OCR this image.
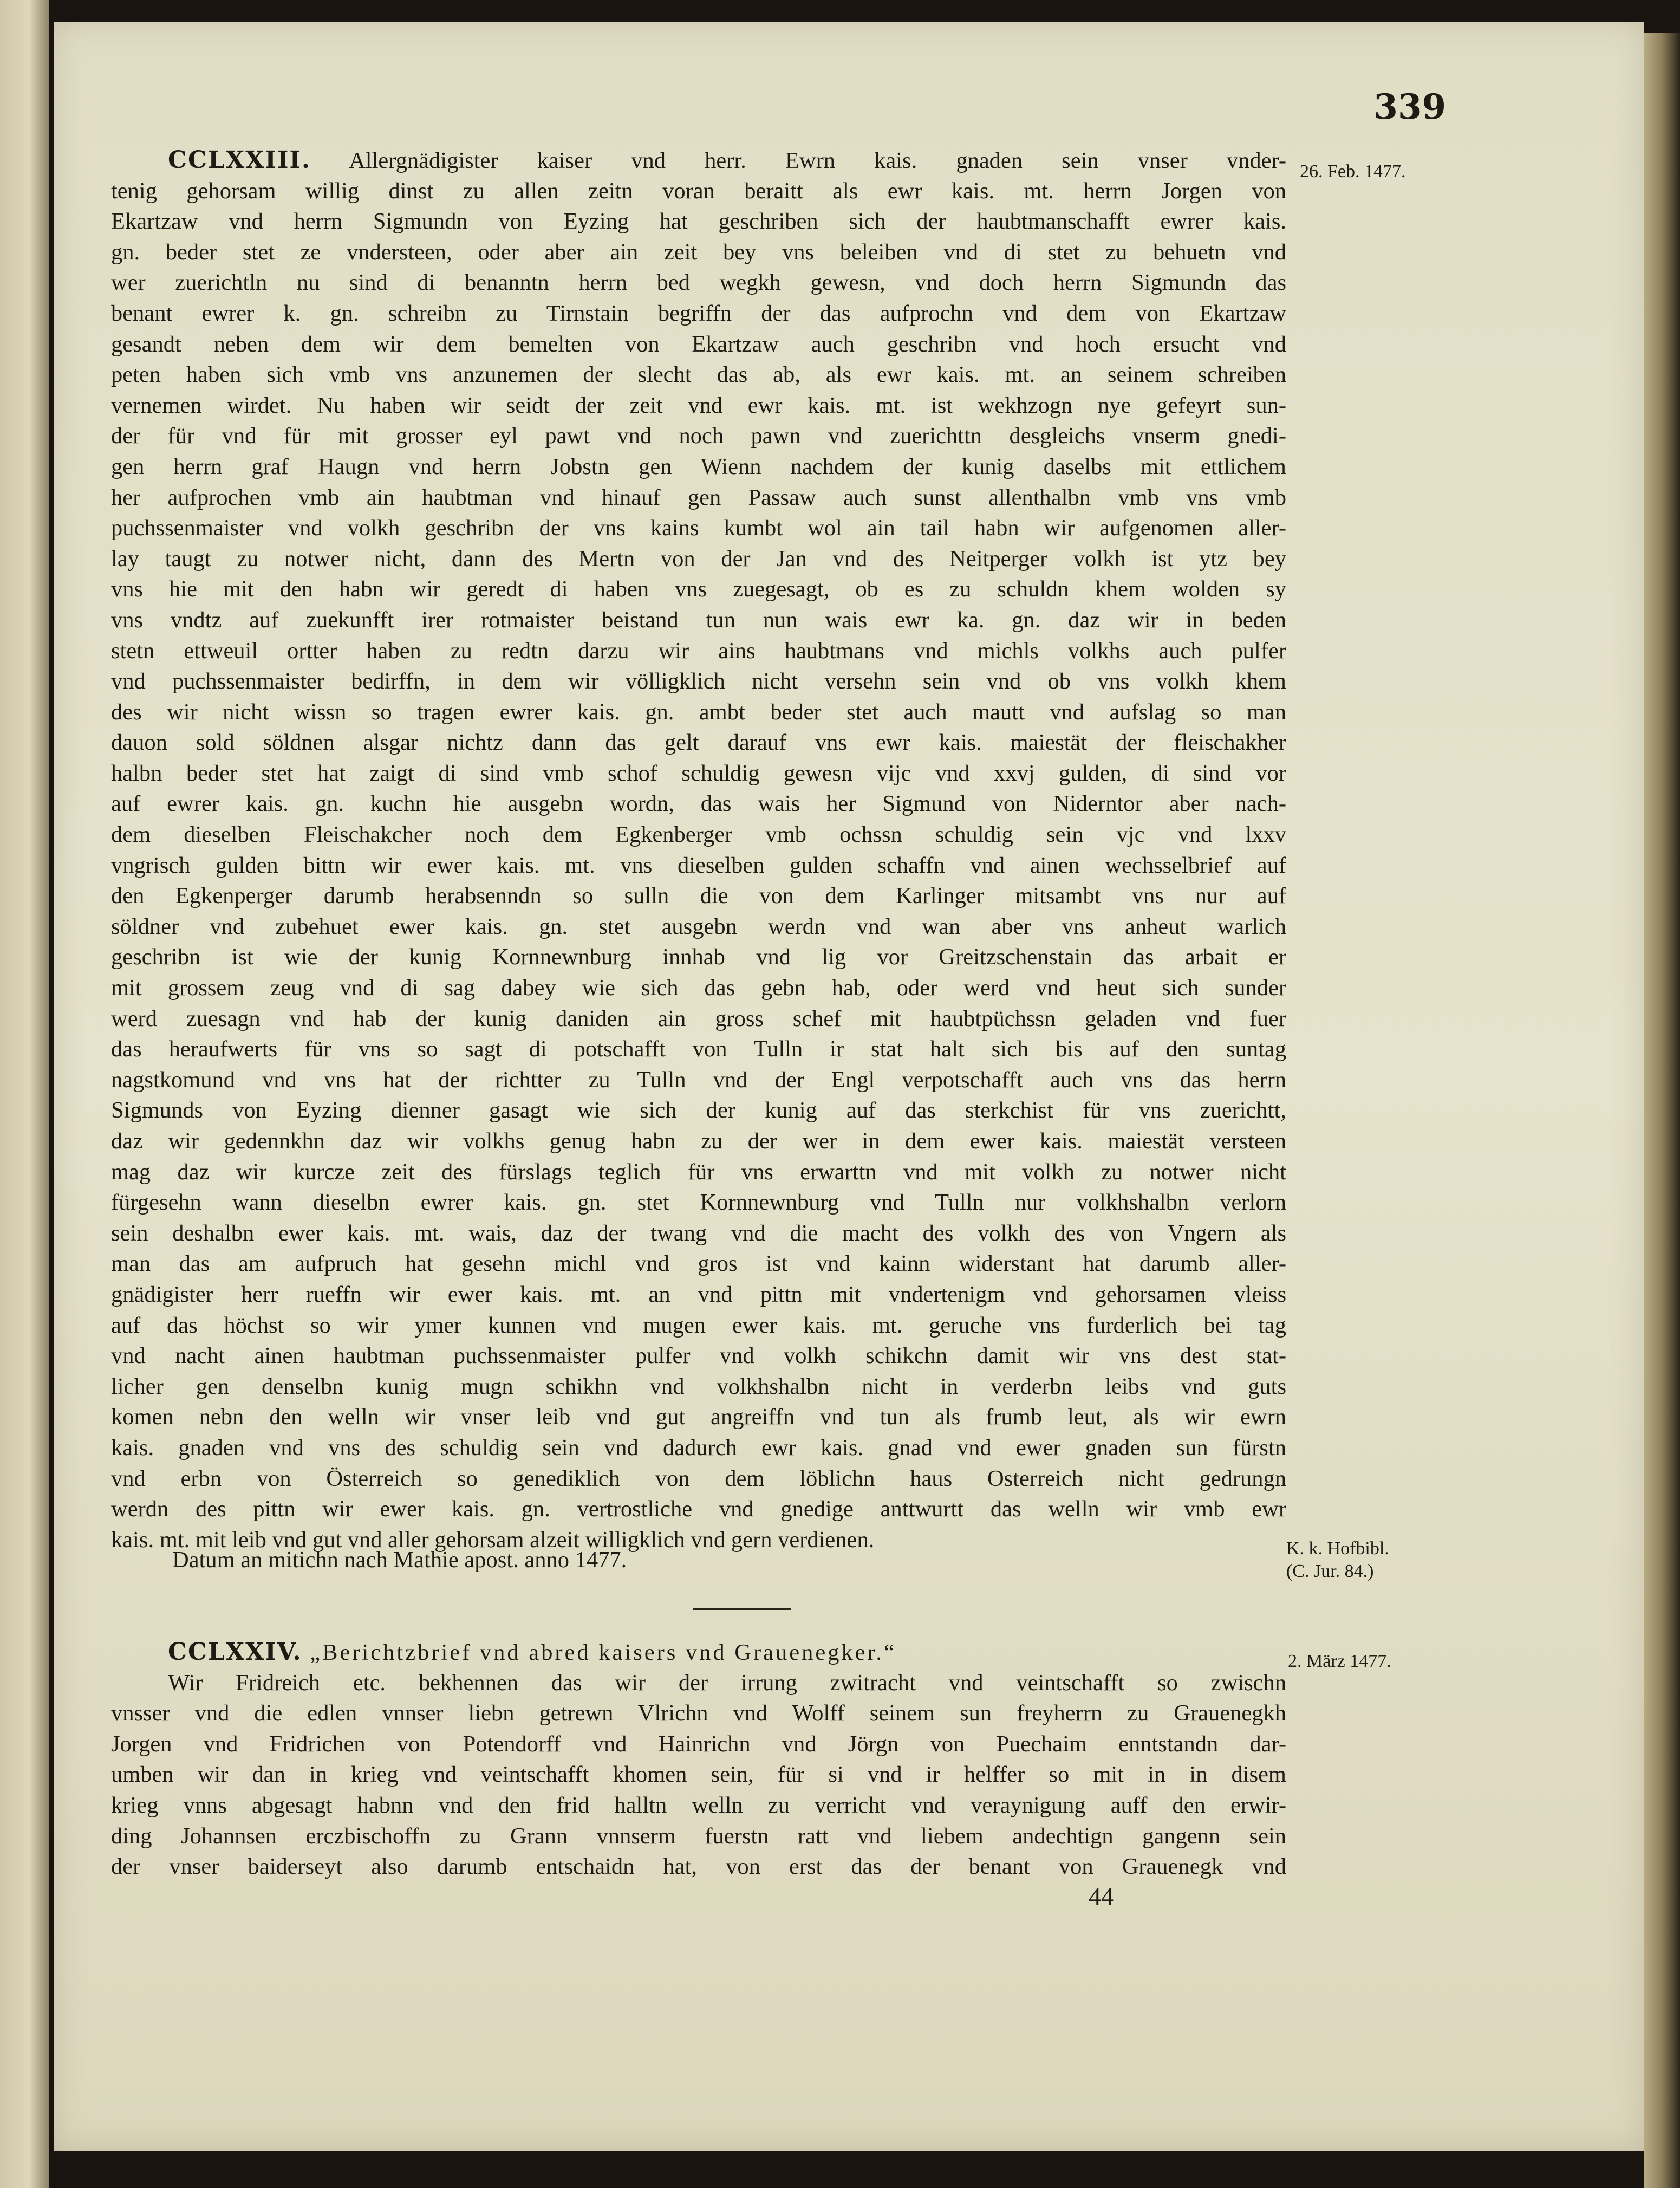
339
CCLXXIII. Allergnädigister kaiser vnd herr. Ewrn kais. gnaden sein vnser vnder-
tenig gehorsam willig dinst zu allen zeitn voran beraitt als ewr kais. mt. herrn Jorgen von
Ekartzaw vnd herrn Sigmundn von Eyzing hat geschriben sich der haubtmanschafft ewrer kais.
gn. beder stet ze vndersteen, oder aber ain zeit bey vns beleiben vnd di stet zu behuetn vnd
wer zuerichtln nu sind di benanntn herrn bed wegkh gewesn, vnd doch herrn Sigmundn das
benant ewrer k. gn. schreibn zu Tirnstain begriffn der das aufprochn vnd dem von Ekartzaw
gesandt neben dem wir dem bemelten von Ekartzaw auch geschribn vnd hoch ersucht vnd
peten haben sich vmb vns anzunemen der slecht das ab, als ewr kais. mt. an seinem schreiben
vernemen wirdet. Nu haben wir seidt der zeit vnd ewr kais. mt. ist wekhzogn nye gefeyrt sun-
der für vnd für mit grosser eyl pawt vnd noch pawn vnd zuerichttn desgleichs vnserm gnedi-
gen herrn graf Haugn vnd herrn Jobstn gen Wienn nachdem der kunig daselbs mit ettlichem
her aufprochen vmb ain haubtman vnd hinauf gen Passaw auch sunst allenthalbn vmb vns vmb
puchssenmaister vnd volkh geschribn der vns kains kumbt wol ain tail habn wir aufgenomen aller-
lay taugt zu notwer nicht, dann des Mertn von der Jan vnd des Neitperger volkh ist ytz bey
vns hie mit den habn wir geredt di haben vns zuegesagt, ob es zu schuldn khem wolden sy
vns vndtz auf zuekunfft irer rotmaister beistand tun nun wais ewr ka. gn. daz wir in beden
stetn ettweuil ortter haben zu redtn darzu wir ains haubtmans vnd michls volkhs auch pulfer
vnd puchssenmaister bedirffn, in dem wir völligklich nicht versehn sein vnd ob vns volkh khem
des wir nicht wissn so tragen ewrer kais. gn. ambt beder stet auch mautt vnd aufslag so man
dauon sold söldnen alsgar nichtz dann das gelt darauf vns ewr kais. maiestät der fleischakher
halbn beder stet hat zaigt di sind vmb schof schuldig gewesn vijc vnd xxvj gulden, di sind vor
auf ewrer kais. gn. kuchn hie ausgebn wordn, das wais her Sigmund von Niderntor aber nach-
dem dieselben Fleischakcher noch dem Egkenberger vmb ochssn schuldig sein vjc vnd lxxv
vngrisch gulden bittn wir ewer kais. mt. vns dieselben gulden schaffn vnd ainen wechsselbrief auf
den Egkenperger darumb herabsenndn so sulln die von dem Karlinger mitsambt vns nur auf
söldner vnd zubehuet ewer kais. gn. stet ausgebn werdn vnd wan aber vns anheut warlich
geschribn ist wie der kunig Kornnewnburg innhab vnd lig vor Greitzschenstain das arbait er
mit grossem zeug vnd di sag dabey wie sich das gebn hab, oder werd vnd heut sich sunder
werd zuesagn vnd hab der kunig daniden ain gross schef mit haubtpüchssn geladen vnd fuer
das heraufwerts für vns so sagt di potschafft von Tulln ir stat halt sich bis auf den suntag
nagstkomund vnd vns hat der richtter zu Tulln vnd der Engl verpotschafft auch vns das herrn
Sigmunds von Eyzing dienner gasagt wie sich der kunig auf das sterkchist für vns zuerichtt,
daz wir gedennkhn daz wir volkhs genug habn zu der wer in dem ewer kais. maiestät versteen
mag daz wir kurcze zeit des fürslags teglich für vns erwarttn vnd mit volkh zu notwer nicht
fürgesehn wann dieselbn ewrer kais. gn. stet Kornnewnburg vnd Tulln nur volkhshalbn verlorn
sein deshalbn ewer kais. mt. wais, daz der twang vnd die macht des volkh des von Vngern als
man das am aufpruch hat gesehn michl vnd gros ist vnd kainn widerstant hat darumb aller-
gnädigister herr rueffn wir ewer kais. mt. an vnd pittn mit vndertenigm vnd gehorsamen vleiss
auf das höchst so wir ymer kunnen vnd mugen ewer kais. mt. geruche vns furderlich bei tag
vnd nacht ainen haubtman puchssenmaister pulfer vnd volkh schikchn damit wir vns dest stat-
licher gen denselbn kunig mugn schikhn vnd volkhshalbn nicht in verderbn leibs vnd guts
komen nebn den welln wir vnser leib vnd gut angreiffn vnd tun als frumb leut, als wir ewrn
kais. gnaden vnd vns des schuldig sein vnd dadurch ewr kais. gnad vnd ewer gnaden sun fürstn
vnd erbn von Österreich so genediklich von dem löblichn haus Osterreich nicht gedrungn
werdn des pittn wir ewer kais. gn. vertrostliche vnd gnedige anttwurtt das welln wir vmb ewr
kais. mt. mit leib vnd gut vnd aller gehorsam alzeit willigklich vnd gern verdienen.
26. Feb. 1477.
Datum an mitichn nach Mathie apost. anno 1477.	K. k. Hofbibl.
(C. Jur. 84.)
CCLXXIV. „Berichtzbrief vnd abred kaisers vnd Grauenegker.“
Wir Fridreich etc. bekhennen das wir der irrung zwitracht vnd veintschafft so zwischn
vnsser vnd die edlen vnnser liebn getrewn Vlrichn vnd Wolff seinem sun freyherrn zu Grauenegkh
Jorgen vnd Fridrichen von Potendorff vnd Hainrichn vnd Jörgn von Puechaim enntstandn dar-
umben wir dan in krieg vnd veintschafft khomen sein, für si vnd ir helffer so mit in in disem
krieg vnns abgesagt habnn vnd den frid halltn welln zu verricht vnd veraynigung auff den erwir-
ding Johannsen erczbischoffn zu Grann vnnserm fuerstn ratt vnd liebem andechtign gangenn sein
der vnser baiderseyt also darumb entschaidn hat, von erst das der benant von Grauenegk vnd
2. März 1477.
44
